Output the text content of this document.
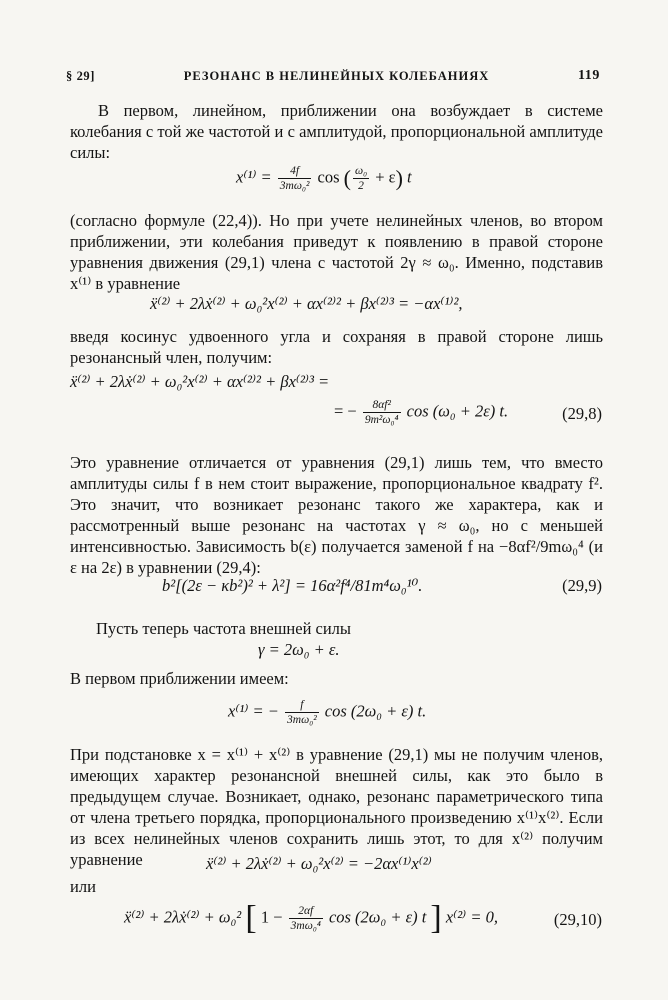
§ 29]	РЕЗОНАНС В НЕЛИНЕЙНЫХ КОЛЕБАНИЯХ	119
В первом, линейном, приближении она возбуждает в системе колебания с той же частотой и с амплитудой, пропорциональной амплитуде силы:
$x^{(1)} = \frac{4f}{\text{3mω₀²}}$ cos ( $\frac{\text{ω₀}}{2} + \varepsilon$) t
(согласно формуле (22,4)). Но при учете нелинейных членов, во втором приближении, эти колебания приведут к появлению в правой стороне уравнения движения (29,1) члена с частотой 2γ ≈ ω₀. Именно, подставив x⁽¹⁾ в уравнение
ẍ⁽²⁾ + 2λẋ⁽²⁾ + ω₀²x⁽²⁾ + αx⁽²⁾² + βx⁽²⁾³ = −αx⁽¹⁾²,
введя косинус удвоенного угла и сохраняя в правой стороне лишь резонансный член, получим:
ẍ⁽²⁾ + 2λẋ⁽²⁾ + ω₀²x⁽²⁾ + αx⁽²⁾² + βx⁽²⁾³ =
= − $\frac{\text{8αf²}}{\text{9m²ω₀⁴}}$ cos (ω₀ + 2ε) t.	(29,8)
Это уравнение отличается от уравнения (29,1) лишь тем, что вместо амплитуды силы f в нем стоит выражение, пропорциональное квадрату f². Это значит, что возникает резонанс такого же характера, как и рассмотренный выше резонанс на частотах γ ≈ ω₀, но с меньшей интенсивностью. Зависимость b(ε) получается заменой f на −8αf²/9mω₀⁴ (и ε на 2ε) в уравнении (29,4):
b²[(2ε − κb²)² + λ²] = 16α²f⁴/81m⁴ω₀¹⁰.	(29,9)
Пусть теперь частота внешней силы
γ = 2ω₀ + ε.
В первом приближении имеем:
x⁽¹⁾ = − $\frac{f}{\text{3mω₀²}}$ cos (2ω₀ + ε) t.
При подстановке x = x⁽¹⁾ + x⁽²⁾ в уравнение (29,1) мы не получим членов, имеющих характер резонансной внешней силы, как это было в предыдущем случае. Возникает, однако, резонанс параметрического типа от члена третьего порядка, пропорционального произведению x⁽¹⁾x⁽²⁾. Если из всех нелинейных членов сохранить лишь этот, то для x⁽²⁾ получим уравнение	ẍ⁽²⁾ + 2λẋ⁽²⁾ + ω₀²x⁽²⁾ = −2αx⁽¹⁾x⁽²⁾
или
ẍ⁽²⁾ + 2λẋ⁽²⁾ + ω₀² [ $1 - \frac{2\alpha f}{\text{3mω₀⁴}}$ cos (2ω₀ + ε) t ] x⁽²⁾ = 0,	(29,10)
